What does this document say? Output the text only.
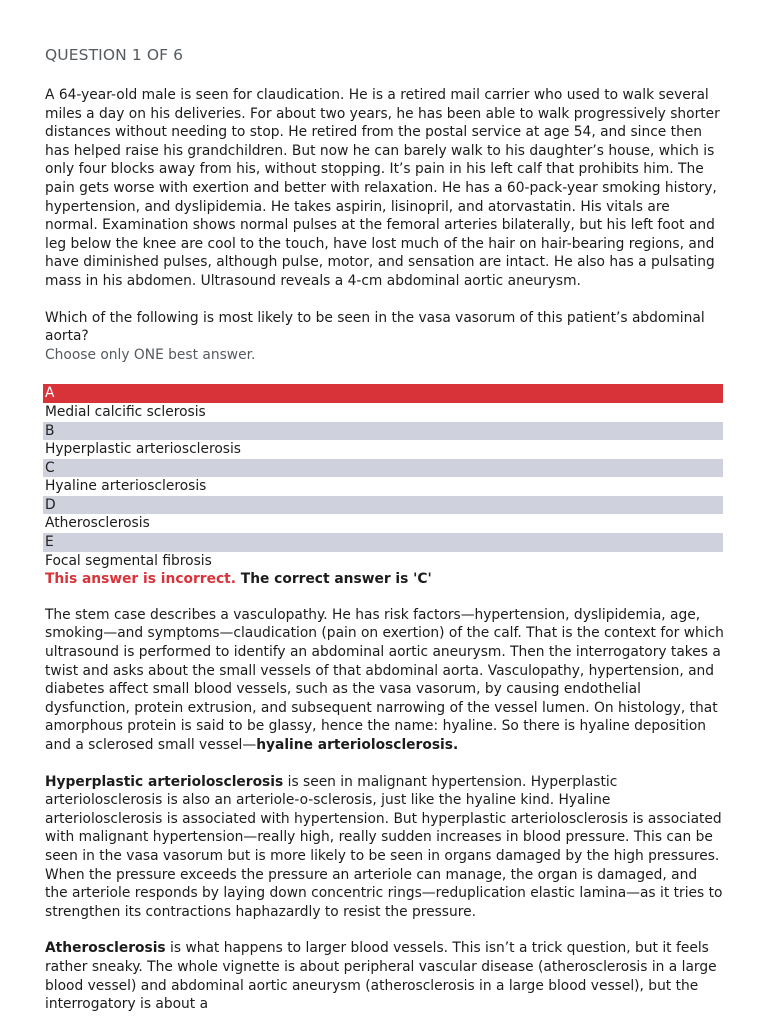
QUESTION 1 OF 6

A 64-year-old male is seen for claudication. He is a retired mail carrier who used to walk several miles a day on his deliveries. For about two years, he has been able to walk progressively shorter distances without needing to stop. He retired from the postal service at age 54, and since then has helped raise his grandchildren. But now he can barely walk to his daughter’s house, which is only four blocks away from his, without stopping. It’s pain in his left calf that prohibits him. The pain gets worse with exertion and better with relaxation. He has a 60-pack-year smoking history, hypertension, and dyslipidemia. He takes aspirin, lisinopril, and atorvastatin. His vitals are normal. Examination shows normal pulses at the femoral arteries bilaterally, but his left foot and leg below the knee are cool to the touch, have lost much of the hair on hair-bearing regions, and have diminished pulses, although pulse, motor, and sensation are intact. He also has a pulsating mass in his abdomen. Ultrasound reveals a 4-cm abdominal aortic aneurysm.

Which of the following is most likely to be seen in the vasa vasorum of this patient’s abdominal aorta?

Choose only ONE best answer.

A
Medial calcific sclerosis
B
Hyperplastic arteriosclerosis
C
Hyaline arteriosclerosis
D
Atherosclerosis
E
Focal segmental fibrosis

This answer is incorrect. The correct answer is 'C'

The stem case describes a vasculopathy. He has risk factors—hypertension, dyslipidemia, age, smoking—and symptoms—claudication (pain on exertion) of the calf. That is the context for which ultrasound is performed to identify an abdominal aortic aneurysm. Then the interrogatory takes a twist and asks about the small vessels of that abdominal aorta. Vasculopathy, hypertension, and diabetes affect small blood vessels, such as the vasa vasorum, by causing endothelial dysfunction, protein extrusion, and subsequent narrowing of the vessel lumen. On histology, that amorphous protein is said to be glassy, hence the name: hyaline. So there is hyaline deposition and a sclerosed small vessel—hyaline arteriolosclerosis.

Hyperplastic arteriolosclerosis is seen in malignant hypertension. Hyperplastic arteriolosclerosis is also an arteriole-o-sclerosis, just like the hyaline kind. Hyaline arteriolosclerosis is associated with hypertension. But hyperplastic arteriolosclerosis is associated with malignant hypertension—really high, really sudden increases in blood pressure. This can be seen in the vasa vasorum but is more likely to be seen in organs damaged by the high pressures. When the pressure exceeds the pressure an arteriole can manage, the organ is damaged, and the arteriole responds by laying down concentric rings—reduplication elastic lamina—as it tries to strengthen its contractions haphazardly to resist the pressure.

Atherosclerosis is what happens to larger blood vessels. This isn’t a trick question, but it feels rather sneaky. The whole vignette is about peripheral vascular disease (atherosclerosis in a large blood vessel) and abdominal aortic aneurysm (atherosclerosis in a large blood vessel), but the interrogatory is about a
